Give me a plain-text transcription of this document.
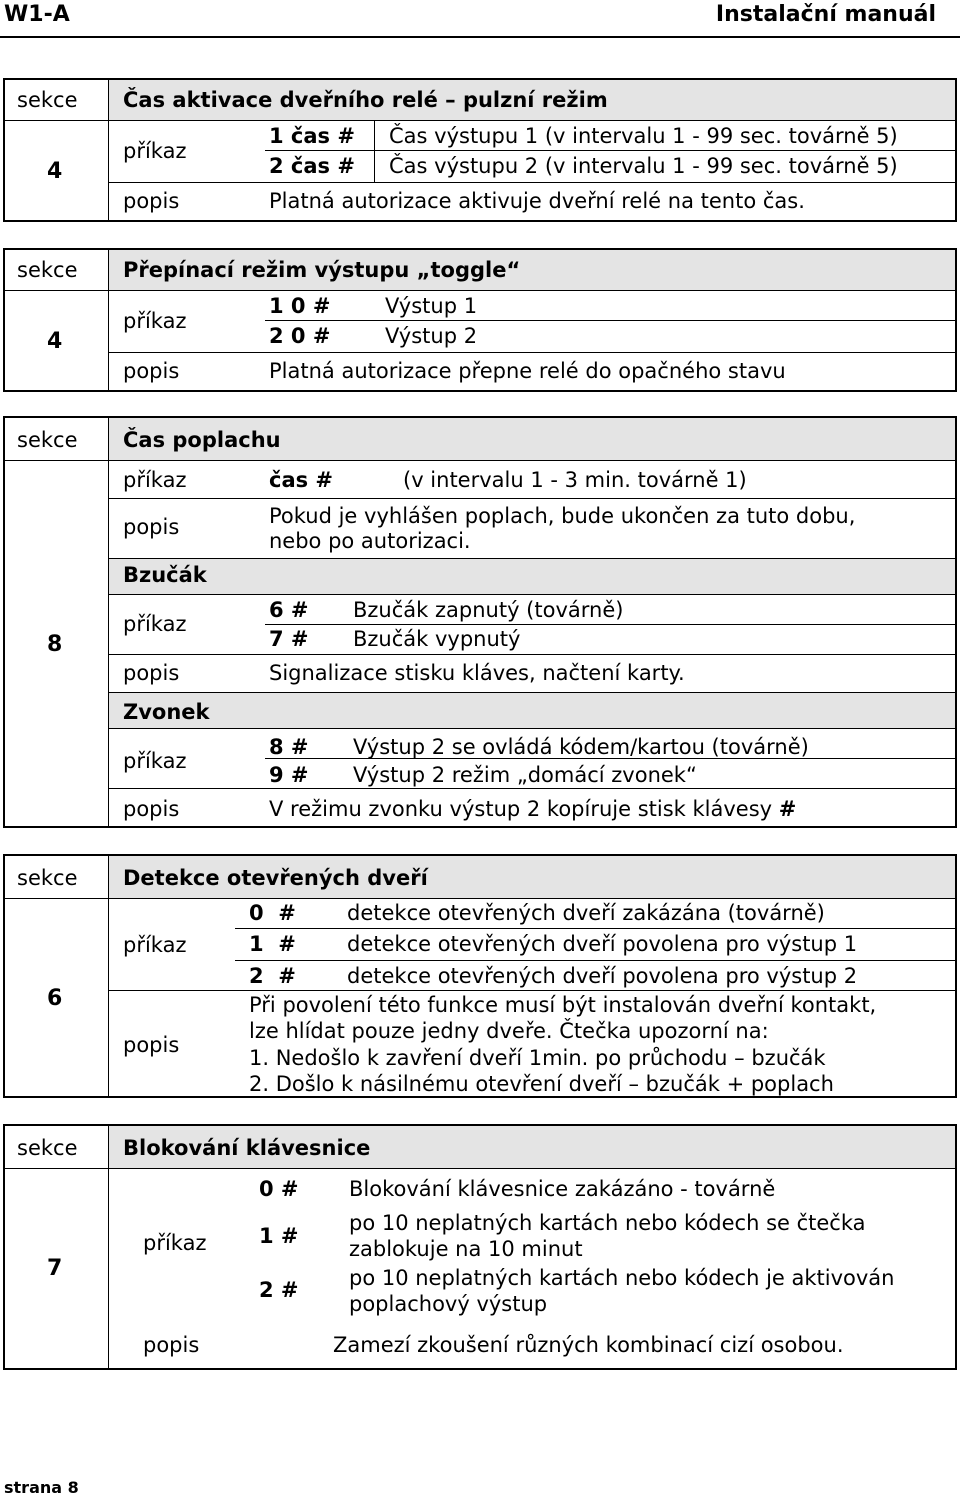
W1-A	Instalační manuál
sekce Čas aktivace dveřního relé – pulzní režim
4
příkaz
1 čas # Čas výstupu 1 (v intervalu 1 - 99 sec. továrně 5)
2 čas # Čas výstupu 2 (v intervalu 1 - 99 sec. továrně 5)
popis	Platná autorizace aktivuje dveřní relé na tento čas.
sekce Přepínací režim výstupu „toggle“
4
příkaz
1 0 #	Výstup 1
2 0 #	Výstup 2
popis	Platná autorizace přepne relé do opačného stavu
sekce Čas poplachu
8
příkaz	čas #	(v intervalu 1 - 3 min. továrně 1)
popis	Pokud je vyhlášen poplach, bude ukončen za tuto dobu,
nebo po autorizaci.
Bzučák
příkaz
6 # Bzučák zapnutý (továrně)
7 # Bzučák vypnutý
popis	Signalizace stisku kláves, načtení karty.
Zvonek
příkaz
8 # Výstup 2 se ovládá kódem/kartou (továrně)
9 # Výstup 2 režim „domácí zvonek“
popis	V režimu zvonku výstup 2 kopíruje stisk klávesy #
sekce Detekce otevřených dveří
6
příkaz
0  # detekce otevřených dveří zakázána (továrně)
1  # detekce otevřených dveří povolena pro výstup 1
2  # detekce otevřených dveří povolena pro výstup 2
popis
Při povolení této funkce musí být instalován dveřní kontakt,
lze hlídat pouze jedny dveře. Čtečka upozorní na:
1. Nedošlo k zavření dveří 1min. po průchodu – bzučák
2. Došlo k násilnému otevření dveří – bzučák + poplach
sekce Blokování klávesnice
7
příkaz
0 # Blokování klávesnice zakázáno - továrně
1 #
po 10 neplatných kartách nebo kódech se čtečka
zablokuje na 10 minut
2 # po 10 neplatných kartách nebo kódech je aktivován
poplachový výstup
popis	Zamezí zkoušení různých kombinací cizí osobou.
strana 8
